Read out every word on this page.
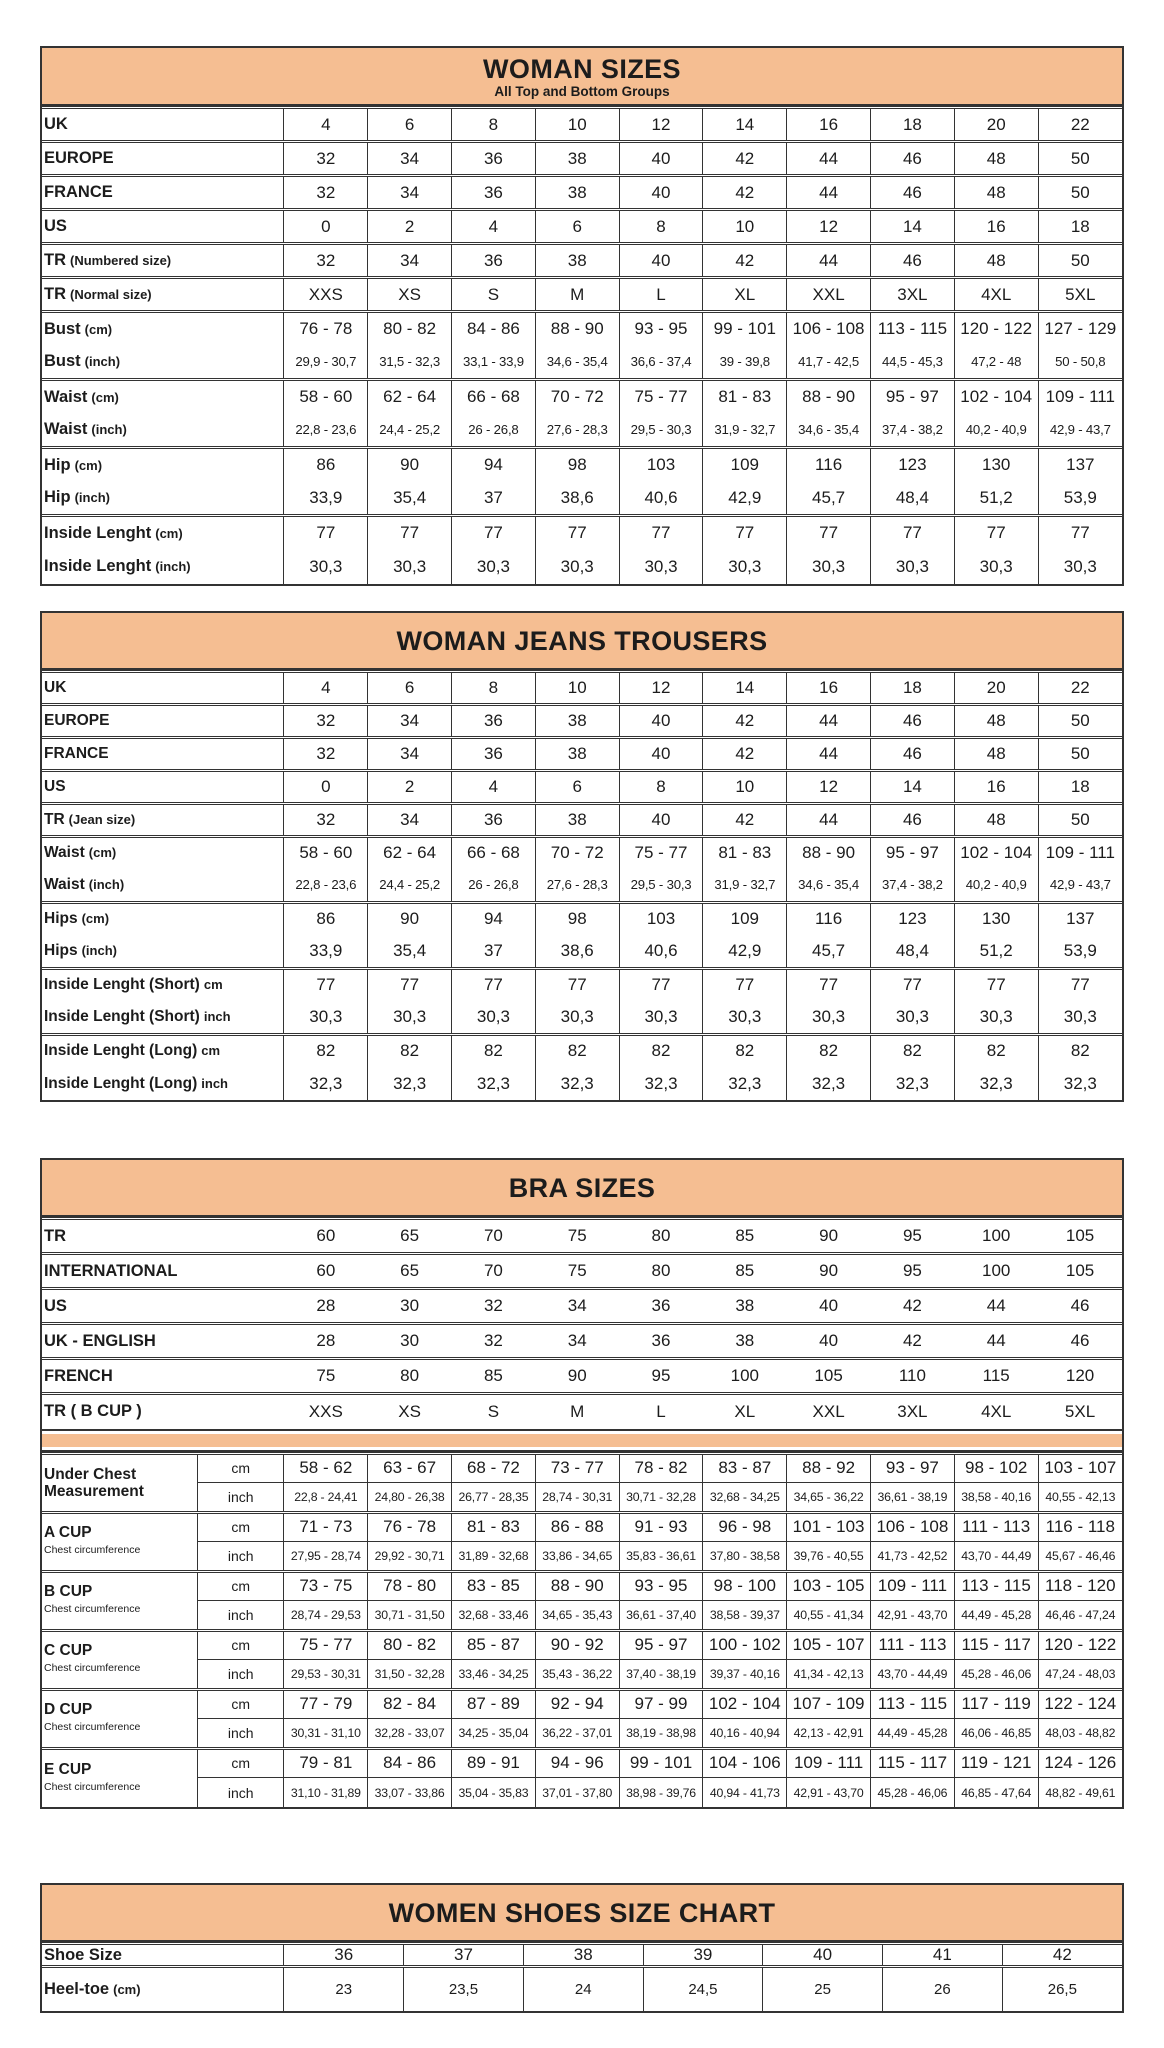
WOMAN SIZES
All Top and Bottom Groups
UK	4	6	8	10	12	14	16	18	20	22
EUROPE	32	34	36	38	40	42	44	46	48	50
FRANCE	32	34	36	38	40	42	44	46	48	50
US	0	2	4	6	8	10	12	14	16	18
TR (Numbered size)	32	34	36	38	40	42	44	46	48	50
TR (Normal size)	XXS	XS	S	M	L	XL	XXL	3XL	4XL	5XL
Bust (cm)	76 - 78	80 - 82	84 - 86	88 - 90	93 - 95	99 - 101	106 - 108	113 - 115	120 - 122	127 - 129
Bust (inch)	29,9 - 30,7	31,5 - 32,3	33,1 - 33,9	34,6 - 35,4	36,6 - 37,4	39 - 39,8	41,7 - 42,5	44,5 - 45,3	47,2 - 48	50 - 50,8
Waist (cm)	58 - 60	62 - 64	66 - 68	70 - 72	75 - 77	81 - 83	88 - 90	95 - 97	102 - 104	109 - 111
Waist (inch)	22,8 - 23,6	24,4 - 25,2	26 - 26,8	27,6 - 28,3	29,5 - 30,3	31,9 - 32,7	34,6 - 35,4	37,4 - 38,2	40,2 - 40,9	42,9 - 43,7
Hip (cm)	86	90	94	98	103	109	116	123	130	137
Hip (inch)	33,9	35,4	37	38,6	40,6	42,9	45,7	48,4	51,2	53,9
Inside Lenght (cm)	77	77	77	77	77	77	77	77	77	77
Inside Lenght (inch)	30,3	30,3	30,3	30,3	30,3	30,3	30,3	30,3	30,3	30,3
WOMAN JEANS TROUSERS
UK	4	6	8	10	12	14	16	18	20	22
EUROPE	32	34	36	38	40	42	44	46	48	50
FRANCE	32	34	36	38	40	42	44	46	48	50
US	0	2	4	6	8	10	12	14	16	18
TR (Jean size)	32	34	36	38	40	42	44	46	48	50
Waist (cm)	58 - 60	62 - 64	66 - 68	70 - 72	75 - 77	81 - 83	88 - 90	95 - 97	102 - 104	109 - 111
Waist (inch)	22,8 - 23,6	24,4 - 25,2	26 - 26,8	27,6 - 28,3	29,5 - 30,3	31,9 - 32,7	34,6 - 35,4	37,4 - 38,2	40,2 - 40,9	42,9 - 43,7
Hips (cm)	86	90	94	98	103	109	116	123	130	137
Hips (inch)	33,9	35,4	37	38,6	40,6	42,9	45,7	48,4	51,2	53,9
Inside Lenght (Short) cm	77	77	77	77	77	77	77	77	77	77
Inside Lenght (Short) inch	30,3	30,3	30,3	30,3	30,3	30,3	30,3	30,3	30,3	30,3
Inside Lenght (Long) cm	82	82	82	82	82	82	82	82	82	82
Inside Lenght (Long) inch	32,3	32,3	32,3	32,3	32,3	32,3	32,3	32,3	32,3	32,3
BRA SIZES
TR	60	65	70	75	80	85	90	95	100	105
INTERNATIONAL	60	65	70	75	80	85	90	95	100	105
US	28	30	32	34	36	38	40	42	44	46
UK - ENGLISH	28	30	32	34	36	38	40	42	44	46
FRENCH	75	80	85	90	95	100	105	110	115	120
TR ( B CUP )	XXS	XS	S	M	L	XL	XXL	3XL	4XL	5XL
Under Chest Measurement	cm	58 - 62	63 - 67	68 - 72	73 - 77	78 - 82	83 - 87	88 - 92	93 - 97	98 - 102	103 - 107
	inch	22,8 - 24,41	24,80 - 26,38	26,77 - 28,35	28,74 - 30,31	30,71 - 32,28	32,68 - 34,25	34,65 - 36,22	36,61 - 38,19	38,58 - 40,16	40,55 - 42,13
A CUP
Chest circumference	cm	71 - 73	76 - 78	81 - 83	86 - 88	91 - 93	96 - 98	101 - 103	106 - 108	111 - 113	116 - 118
	inch	27,95 - 28,74	29,92 - 30,71	31,89 - 32,68	33,86 - 34,65	35,83 - 36,61	37,80 - 38,58	39,76 - 40,55	41,73 - 42,52	43,70 - 44,49	45,67 - 46,46
B CUP
Chest circumference	cm	73 - 75	78 - 80	83 - 85	88 - 90	93 - 95	98 - 100	103 - 105	109 - 111	113 - 115	118 - 120
	inch	28,74 - 29,53	30,71 - 31,50	32,68 - 33,46	34,65 - 35,43	36,61 - 37,40	38,58 - 39,37	40,55 - 41,34	42,91 - 43,70	44,49 - 45,28	46,46 - 47,24
C CUP
Chest circumference	cm	75 - 77	80 - 82	85 - 87	90 - 92	95 - 97	100 - 102	105 - 107	111 - 113	115 - 117	120 - 122
	inch	29,53 - 30,31	31,50 - 32,28	33,46 - 34,25	35,43 - 36,22	37,40 - 38,19	39,37 - 40,16	41,34 - 42,13	43,70 - 44,49	45,28 - 46,06	47,24 - 48,03
D CUP
Chest circumference	cm	77 - 79	82 - 84	87 - 89	92 - 94	97 - 99	102 - 104	107 - 109	113 - 115	117 - 119	122 - 124
	inch	30,31 - 31,10	32,28 - 33,07	34,25 - 35,04	36,22 - 37,01	38,19 - 38,98	40,16 - 40,94	42,13 - 42,91	44,49 - 45,28	46,06 - 46,85	48,03 - 48,82
E CUP
Chest circumference	cm	79 - 81	84 - 86	89 - 91	94 - 96	99 - 101	104 - 106	109 - 111	115 - 117	119 - 121	124 - 126
	inch	31,10 - 31,89	33,07 - 33,86	35,04 - 35,83	37,01 - 37,80	38,98 - 39,76	40,94 - 41,73	42,91 - 43,70	45,28 - 46,06	46,85 - 47,64	48,82 - 49,61
WOMEN SHOES SIZE CHART
Shoe Size	36	37	38	39	40	41	42
Heel-toe (cm)	23	23,5	24	24,5	25	26	26,5
